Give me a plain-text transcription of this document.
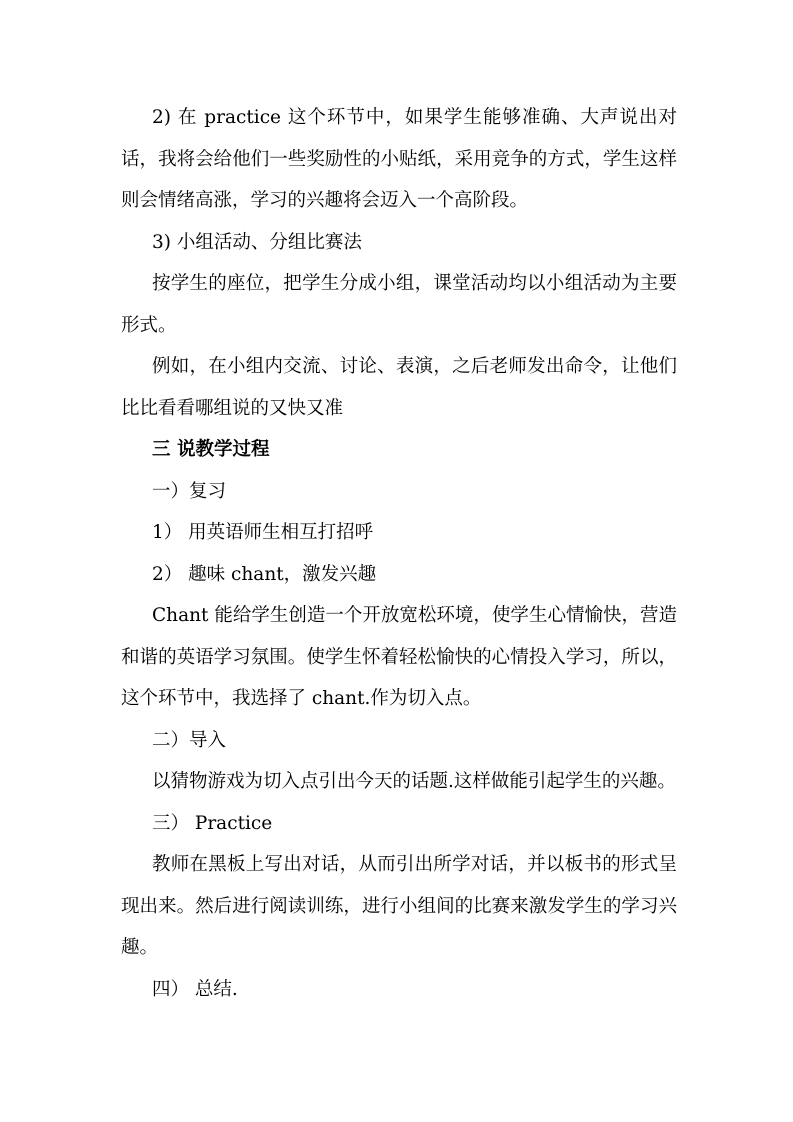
2) 在 practice 这个环节中，如果学生能够准确、大声说出对话，我将会给他们一些奖励性的小贴纸，采用竞争的方式，学生这样则会情绪高涨，学习的兴趣将会迈入一个高阶段。

3) 小组活动、分组比赛法

按学生的座位，把学生分成小组，课堂活动均以小组活动为主要形式。

例如，在小组内交流、讨论、表演，之后老师发出命令，让他们比比看看哪组说的又快又准

三 说教学过程

一）复习

1） 用英语师生相互打招呼

2） 趣味 chant，激发兴趣

Chant 能给学生创造一个开放宽松环境，使学生心情愉快，营造和谐的英语学习氛围。使学生怀着轻松愉快的心情投入学习，所以，这个环节中，我选择了 chant.作为切入点。

二）导入

以猜物游戏为切入点引出今天的话题.这样做能引起学生的兴趣。

三） Practice

教师在黑板上写出对话，从而引出所学对话，并以板书的形式呈现出来。然后进行阅读训练，进行小组间的比赛来激发学生的学习兴趣。

四） 总结.
